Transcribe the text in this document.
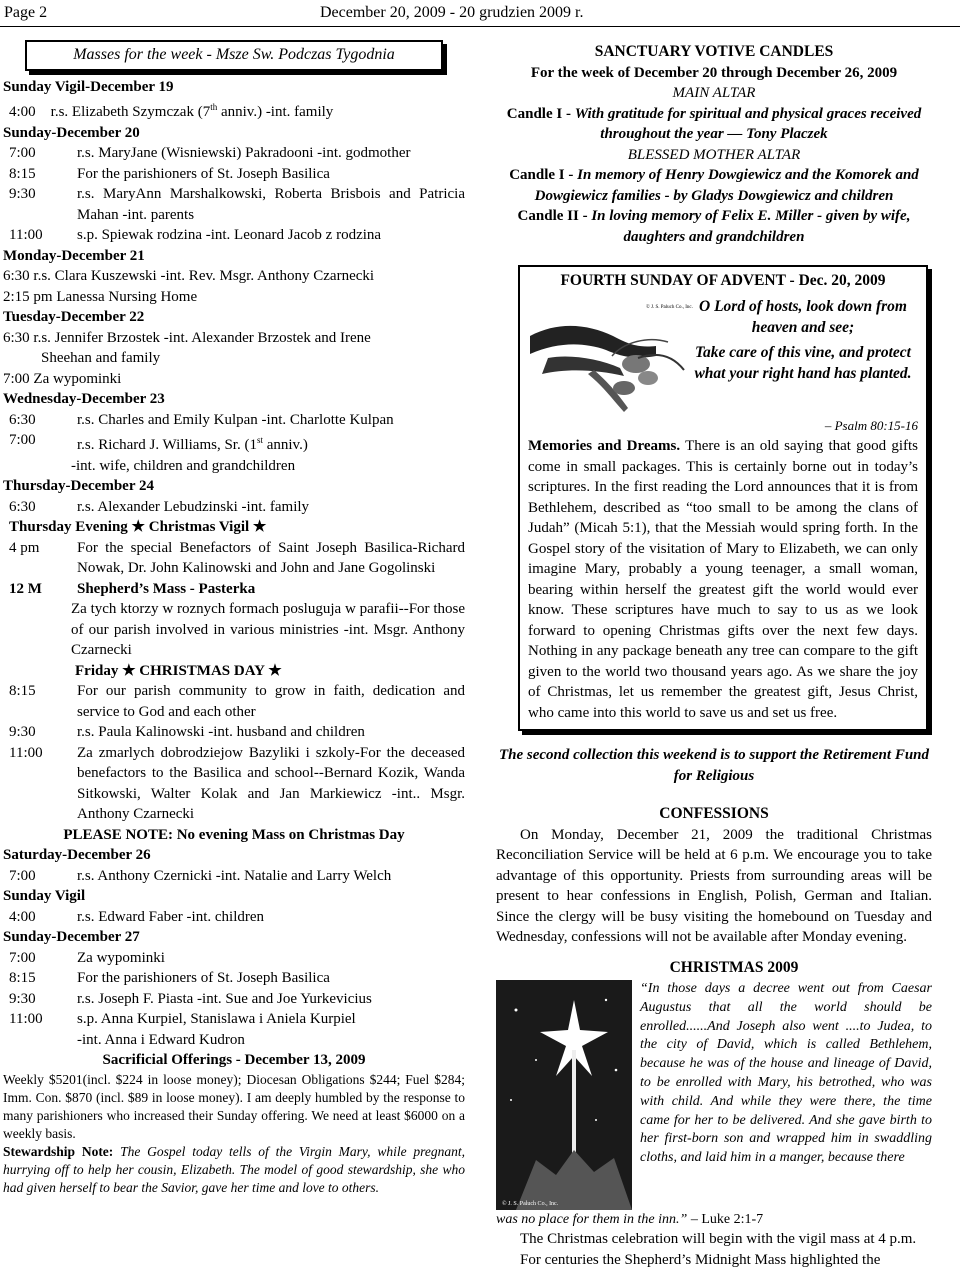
Page 2	December 20, 2009 - 20 grudzien 2009 r.
Masses for the week - Msze Sw. Podczas Tygodnia
Sunday Vigil-December 19
4:00    r.s. Elizabeth Szymczak (7th anniv.) -int. family
Sunday-December 20
7:00	r.s. MaryJane (Wisniewski) Pakradooni -int. godmother
8:15	For the parishioners of St. Joseph Basilica
9:30	r.s. MaryAnn Marshalkowski, Roberta Brisbois and Patricia Mahan -int. parents
11:00	s.p. Spiewak rodzina -int. Leonard Jacob z rodzina
Monday-December 21
6:30 r.s. Clara Kuszewski -int. Rev. Msgr. Anthony Czarnecki
2:15 pm Lanessa Nursing Home
Tuesday-December 22
6:30 r.s. Jennifer Brzostek -int. Alexander Brzostek and Irene
Sheehan and family
7:00 Za wypominki
Wednesday-December 23
6:30	r.s. Charles and Emily Kulpan -int. Charlotte Kulpan
7:00	r.s. Richard J. Williams, Sr. (1st anniv.)
-int. wife, children and grandchildren
Thursday-December 24
6:30	r.s. Alexander Lebudzinski -int. family
Thursday Evening ★ Christmas Vigil ★
4 pm	For the special Benefactors of Saint Joseph Basilica-Richard Nowak, Dr. John Kalinowski and John and Jane Gogolinski
12 M	Shepherd’s Mass - Pasterka
Za tych ktorzy w roznych formach posluguja w parafii--For those of our parish involved in various ministries -int. Msgr. Anthony Czarnecki
Friday ★ CHRISTMAS DAY ★
8:15	For our parish community to grow in faith, dedication and service to God and each other
9:30	r.s. Paula Kalinowski -int. husband and children
11:00	Za zmarlych dobrodziejow Bazyliki i szkoly-For the deceased benefactors to the Basilica and school--Bernard Kozik, Wanda Sitkowski, Walter Kolak and Jan Markiewicz -int.. Msgr. Anthony Czarnecki
PLEASE NOTE: No evening Mass on Christmas Day
Saturday-December 26
7:00	r.s. Anthony Czernicki -int. Natalie and Larry Welch
Sunday Vigil
4:00	r.s. Edward Faber -int. children
Sunday-December 27
7:00	Za wypominki
8:15	For the parishioners of St. Joseph Basilica
9:30	r.s. Joseph F. Piasta -int. Sue and Joe Yurkevicius
11:00	s.p. Anna Kurpiel, Stanislawa i Aniela Kurpiel
-int. Anna i Edward Kudron
Sacrificial Offerings - December 13, 2009
Weekly $5201(incl. $224 in loose money); Diocesan Obligations $244; Fuel $284; Imm. Con. $870 (incl. $89 in loose money). I am deeply humbled by the response to many parishioners who increased their Sunday offering. We need at least $6000 on a weekly basis.
Stewardship Note: The Gospel today tells of the Virgin Mary, while pregnant, hurrying off to help her cousin, Elizabeth. The model of good stewardship, she who had given herself to bear the Savior, gave her time and love to others.
SANCTUARY VOTIVE CANDLES
For the week of December 20 through December 26, 2009
MAIN ALTAR
Candle I - With gratitude for spiritual and physical graces received throughout the year — Tony Placzek
BLESSED MOTHER ALTAR
Candle I - In memory of Henry Dowgiewicz and the Komorek and Dowgiewicz families - by Gladys Dowgiewicz and children
Candle II - In loving memory of Felix E. Miller - given by wife, daughters and grandchildren
FOURTH SUNDAY OF ADVENT - Dec. 20, 2009
© J. S. Paluch Co., Inc. O Lord of hosts, look down from heaven and see;
Take care of this vine, and protect what your right hand has planted.
– Psalm 80:15-16
Memories and Dreams. There is an old saying that good gifts come in small packages. This is certainly borne out in today’s scriptures. In the first reading the Lord announces that it is from Bethlehem, described as “too small to be among the clans of Judah” (Micah 5:1), that the Messiah would spring forth. In the Gospel story of the visitation of Mary to Elizabeth, we can only imagine Mary, probably a young teenager, a small woman, bearing within herself the greatest gift the world would ever know. These scriptures have much to say to us as we look forward to opening Christmas gifts over the next few days. Nothing in any package beneath any tree can compare to the gift given to the world two thousand years ago. As we share the joy of Christmas, let us remember the greatest gift, Jesus Christ, who came into this world to save us and set us free.
The second collection this weekend is to support the Retirement Fund for Religious
CONFESSIONS
On Monday, December 21, 2009 the traditional Christmas Reconciliation Service will be held at 6 p.m. We encourage you to take advantage of this opportunity. Priests from surrounding areas will be present to hear confessions in English, Polish, German and Italian. Since the clergy will be busy visiting the homebound on Tuesday and Wednesday, confessions will not be available after Monday evening.
CHRISTMAS 2009
© J. S. Paluch Co., Inc.
“In those days a decree went out from Caesar Augustus that all the world should be enrolled......And Joseph also went ....to Judea, to the city of David, which is called Bethlehem, because he was of the house and lineage of David, to be enrolled with Mary, his betrothed, who was with child. And while they were there, the time came for her to be delivered. And she gave birth to her first-born son and wrapped him in swaddling cloths, and laid him in a manger, because there
was no place for them in the inn.” – Luke 2:1-7
The Christmas celebration will begin with the vigil mass at 4 p.m.
For centuries the Shepherd’s Midnight Mass highlighted the
